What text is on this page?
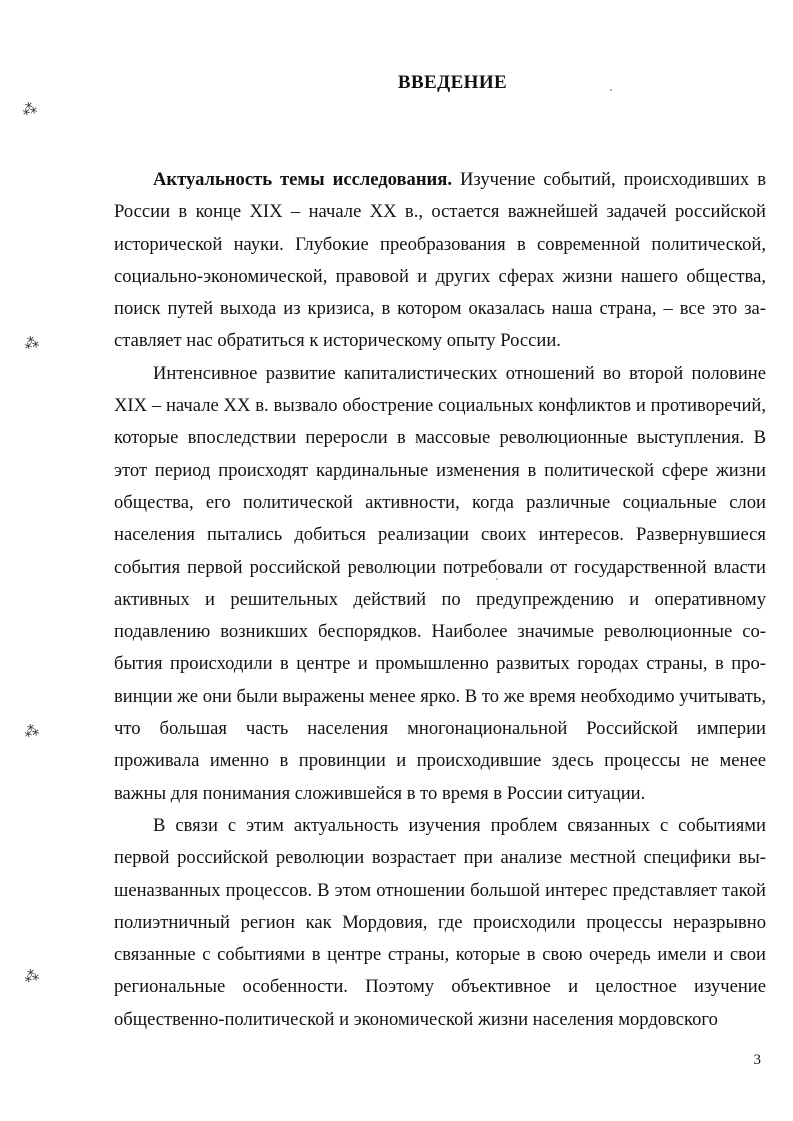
ВВЕДЕНИЕ

Актуальность темы исследования. Изучение событий, происходивших в России в конце XIX – начале XX в., остается важнейшей задачей российской исторической науки. Глубокие преобразования в современной политической, социально-экономической, правовой и других сферах жизни нашего общества, поиск путей выхода из кризиса, в котором оказалась наша страна, – все это заставляет нас обратиться к историческому опыту России.

Интенсивное развитие капиталистических отношений во второй половине XIX – начале XX в. вызвало обострение социальных конфликтов и противоречий, которые впоследствии переросли в массовые революционные выступления. В этот период происходят кардинальные изменения в политической сфере жизни общества, его политической активности, когда различные социальные слои населения пытались добиться реализации своих интересов. Развернувшиеся события первой российской революции потребовали от государственной власти активных и решительных действий по предупреждению и оперативному подавлению возникших беспорядков. Наиболее значимые революционные события происходили в центре и промышленно развитых городах страны, в провинции же они были выражены менее ярко. В то же время необходимо учитывать, что большая часть населения многонациональной Российской империи проживала именно в провинции и происходившие здесь процессы не менее важны для понимания сложившейся в то время в России ситуации.

В связи с этим актуальность изучения проблем связанных с событиями первой российской революции возрастает при анализе местной специфики вышеназванных процессов. В этом отношении большой интерес представляет такой полиэтничный регион как Мордовия, где происходили процессы неразрывно связанные с событиями в центре страны, которые в свою очередь имели и свои региональные особенности. Поэтому объективное и целостное изучение общественно-политической и экономической жизни населения мордовского

⁂
⁂
⁂
⁂
3
